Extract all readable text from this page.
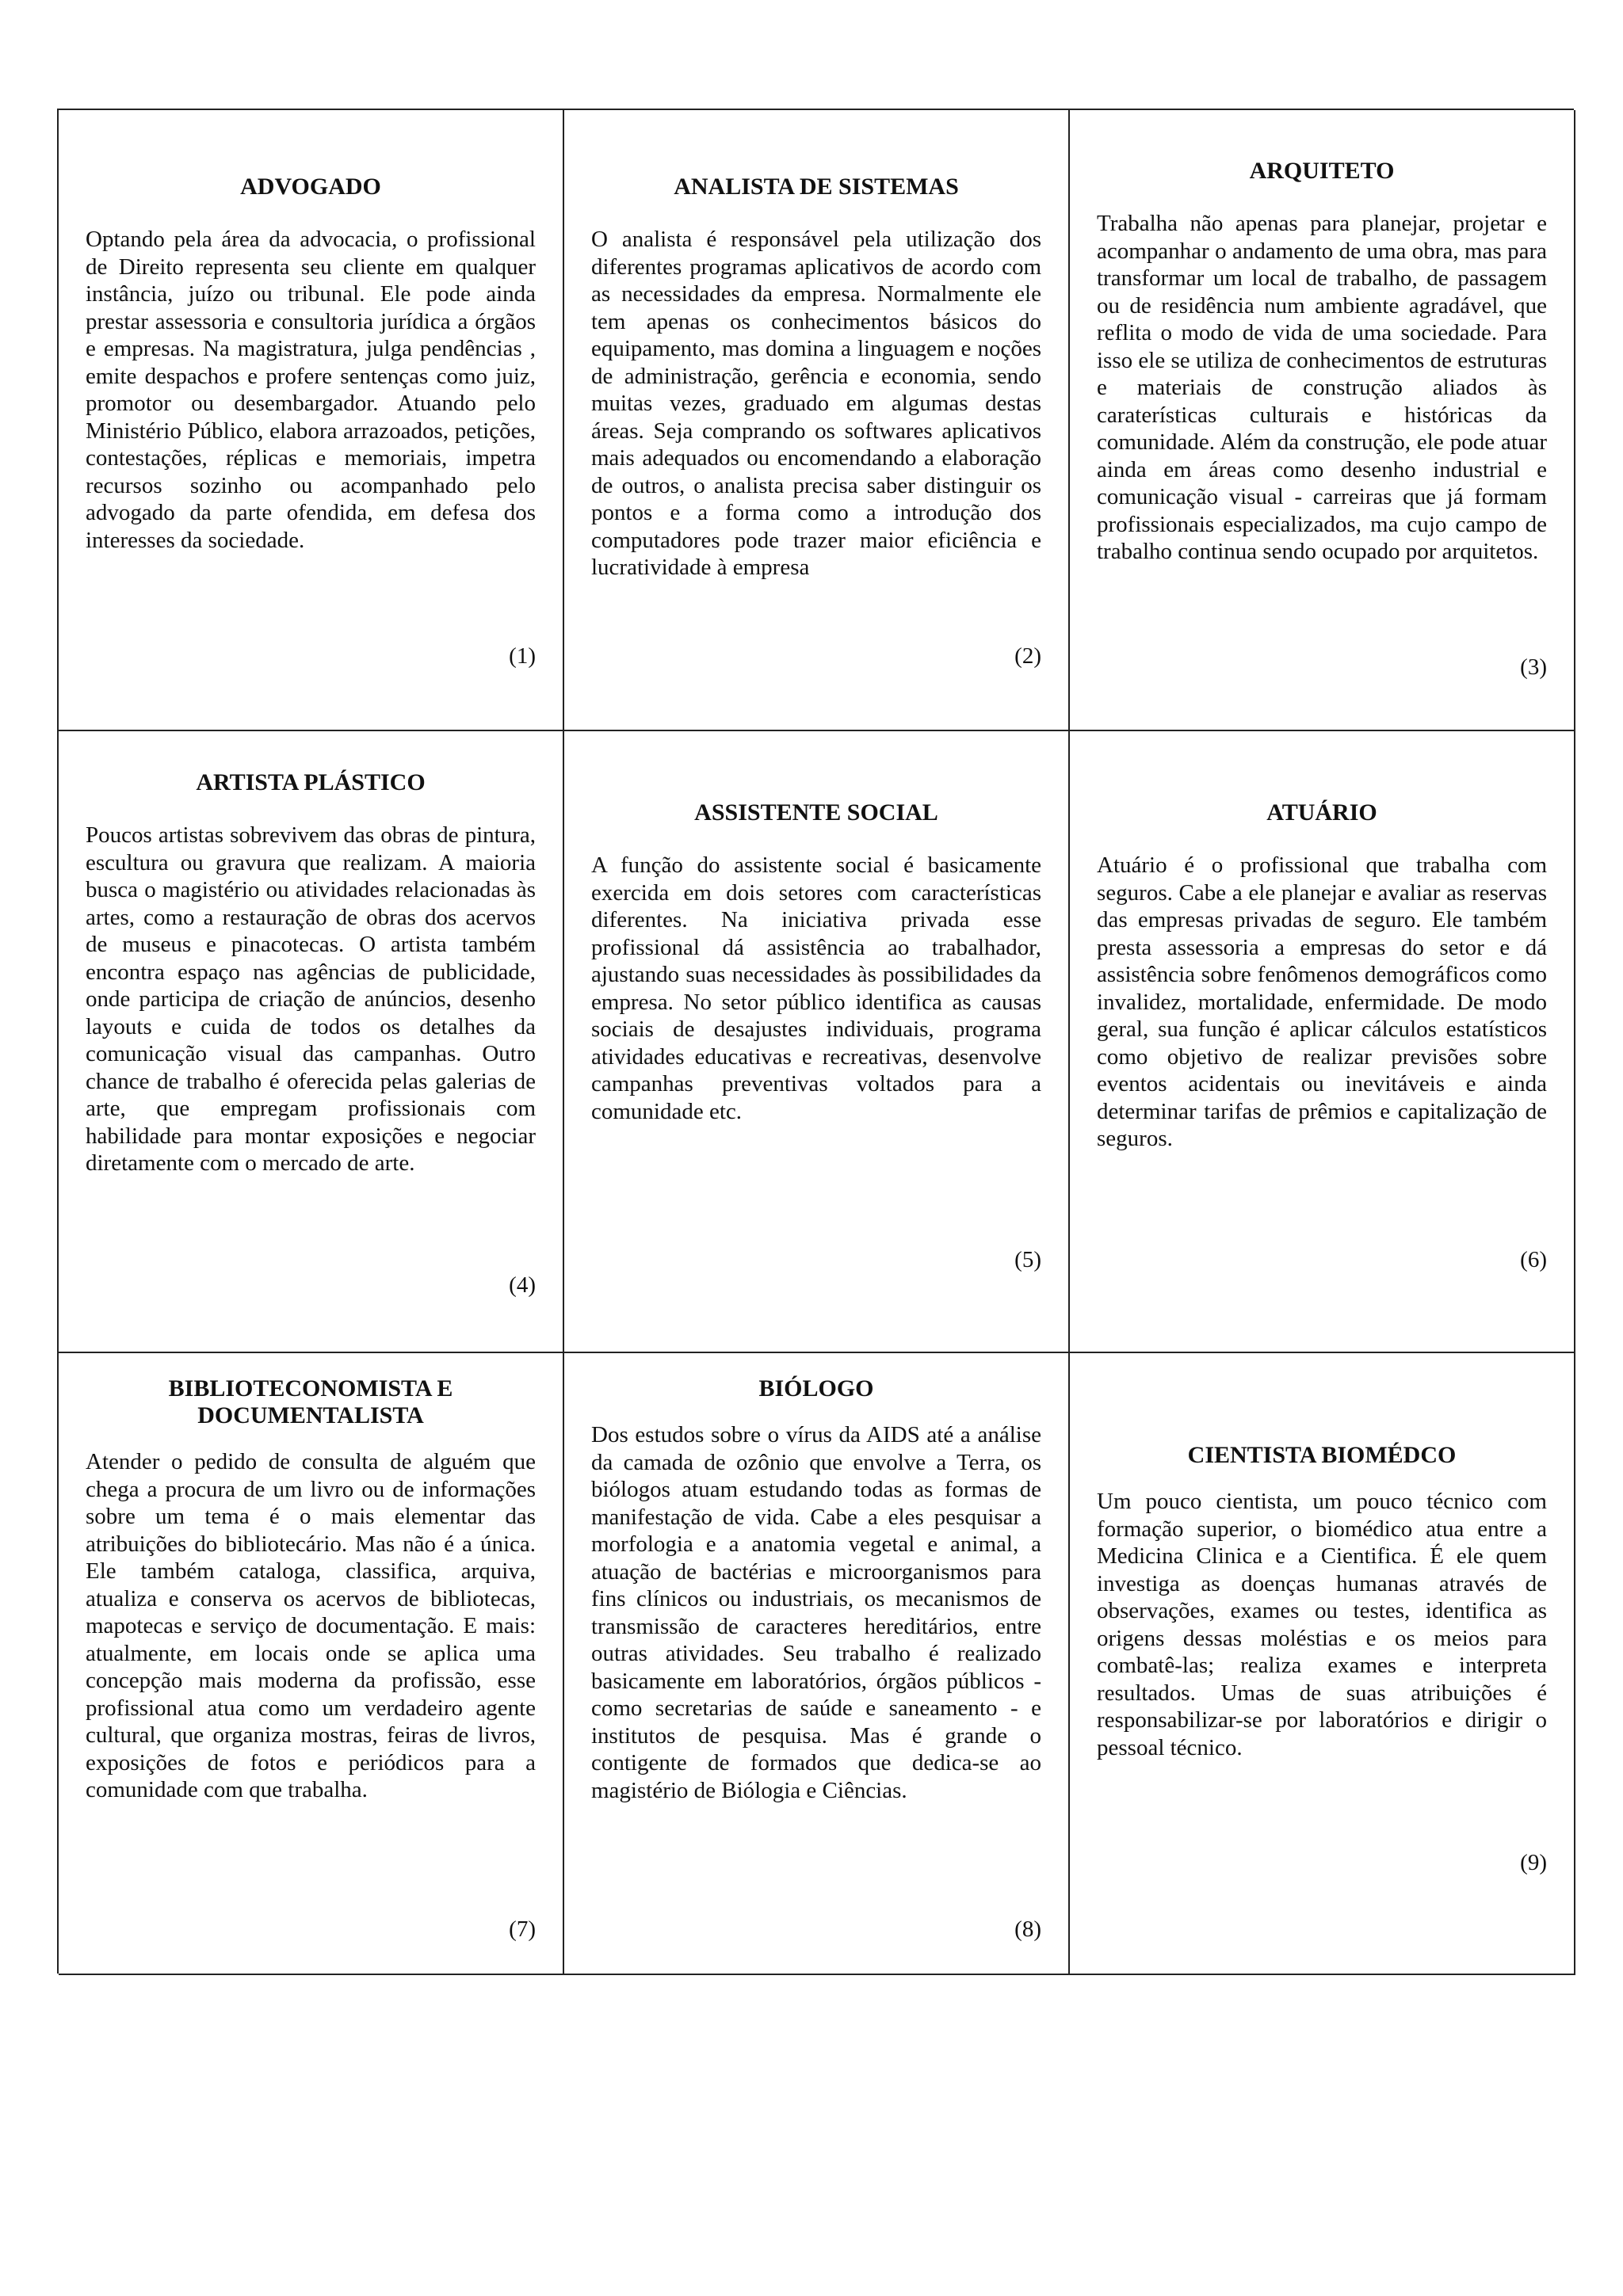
ADVOGADO

Optando pela área da advocacia, o profissional de Direito representa seu cliente em qualquer instância, juízo ou tribunal. Ele pode ainda prestar assessoria e consultoria jurídica a órgãos e empresas. Na magistratura, julga pendências , emite despachos e profere sentenças como juiz, promotor ou desembargador. Atuando pelo Ministério Público, elabora arrazoados, petições, contestações, réplicas e memoriais, impetra recursos sozinho ou acompanhado pelo advogado da parte ofendida, em defesa dos interesses da sociedade.

(1)
ANALISTA DE SISTEMAS

O analista é responsável pela utilização dos diferentes programas aplicativos de acordo com as necessidades da empresa. Normalmente ele tem apenas os conhecimentos básicos do equipamento, mas domina a linguagem e noções de administração, gerência e economia, sendo muitas vezes, graduado em algumas destas áreas. Seja comprando os softwares aplicativos mais adequados ou encomendando a elaboração de outros, o analista precisa saber distinguir os pontos e a forma como a introdução dos computadores pode trazer maior eficiência e lucratividade à empresa

(2)
ARQUITETO

Trabalha não apenas para planejar, projetar e acompanhar o andamento de uma obra, mas para transformar um local de trabalho, de passagem ou de residência num ambiente agradável, que reflita o modo de vida de uma sociedade. Para isso ele se utiliza de conhecimentos de estruturas e materiais de construção aliados às caraterísticas culturais e históricas da comunidade. Além da construção, ele pode atuar ainda em áreas como desenho industrial e comunicação visual - carreiras que já formam profissionais especializados, ma cujo campo de trabalho continua sendo ocupado por arquitetos.

(3)
ARTISTA PLÁSTICO

Poucos artistas sobrevivem das obras de pintura, escultura ou gravura que realizam. A maioria busca o magistério ou atividades relacionadas às artes, como a restauração de obras dos acervos de museus e pinacotecas. O artista também encontra espaço nas agências de publicidade, onde participa de criação de anúncios, desenho layouts e cuida de todos os detalhes da comunicação visual das campanhas. Outro chance de trabalho é oferecida pelas galerias de arte, que empregam profissionais com habilidade para montar exposições e negociar diretamente com o mercado de arte.

(4)
ASSISTENTE SOCIAL

A função do assistente social é basicamente exercida em dois setores com características diferentes. Na iniciativa privada esse profissional dá assistência ao trabalhador, ajustando suas necessidades às possibilidades da empresa. No setor público identifica as causas sociais de desajustes individuais, programa atividades educativas e recreativas, desenvolve campanhas preventivas voltados para a comunidade etc.

(5)
ATUÁRIO

Atuário é o profissional que trabalha com seguros. Cabe a ele planejar e avaliar as reservas das empresas privadas de seguro. Ele também presta assessoria a empresas do setor e dá assistência sobre fenômenos demográficos como invalidez, mortalidade, enfermidade. De modo geral, sua função é aplicar cálculos estatísticos como objetivo de realizar previsões sobre eventos acidentais ou inevitáveis e ainda determinar tarifas de prêmios e capitalização de seguros.

(6)
BIBLIOTECONOMISTA E DOCUMENTALISTA

Atender o pedido de consulta de alguém que chega a procura de um livro ou de informações sobre um tema é o mais elementar das atribuições do bibliotecário. Mas não é a única. Ele também cataloga, classifica, arquiva, atualiza e conserva os acervos de bibliotecas, mapotecas e serviço de documentação. E mais: atualmente, em locais onde se aplica uma concepção mais moderna da profissão, esse profissional atua como um verdadeiro agente cultural, que organiza mostras, feiras de livros, exposições de fotos e periódicos para a comunidade com que trabalha.

(7)
BIÓLOGO

Dos estudos sobre o vírus da AIDS até a análise da camada de ozônio que envolve a Terra, os biólogos atuam estudando todas as formas de manifestação de vida. Cabe a eles pesquisar a morfologia e a anatomia vegetal e animal, a atuação de bactérias e microorganismos para fins clínicos ou industriais, os mecanismos de transmissão de caracteres hereditários, entre outras atividades. Seu trabalho é realizado basicamente em laboratórios, órgãos públicos - como secretarias de saúde e saneamento - e institutos de pesquisa. Mas é grande o contigente de formados que dedica-se ao magistério de Biólogia e Ciências.

(8)
CIENTISTA BIOMÉDCO

Um pouco cientista, um pouco técnico com formação superior, o biomédico atua entre a Medicina Clinica e a Cientifica. É ele quem investiga as doenças humanas através de observações, exames ou testes, identifica as origens dessas moléstias e os meios para combatê-las; realiza exames e interpreta resultados. Umas de suas atribuições é responsabilizar-se por laboratórios e dirigir o pessoal técnico.

(9)
